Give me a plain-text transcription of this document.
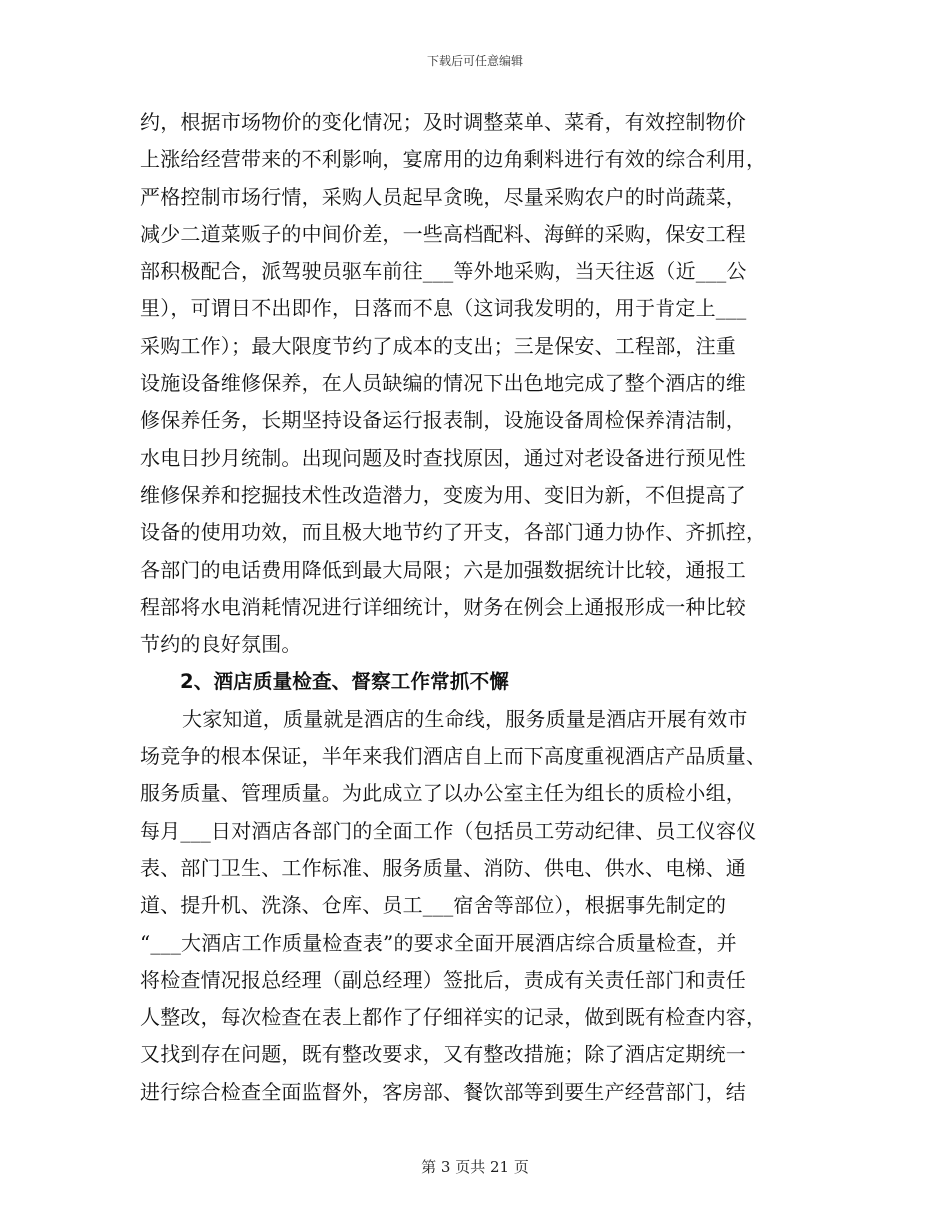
下载后可任意编辑
约，根据市场物价的变化情况；及时调整菜单、菜肴，有效控制物价
上涨给经营带来的不利影响，宴席用的边角剩料进行有效的综合利用，
严格控制市场行情，采购人员起早贪晚，尽量采购农户的时尚蔬菜，
减少二道菜贩子的中间价差，一些高档配料、海鲜的采购，保安工程
部积极配合，派驾驶员驱车前往___等外地采购，当天往返（近___公
里），可谓日不出即作，日落而不息（这词我发明的，用于肯定上___
采购工作）；最大限度节约了成本的支出；三是保安、工程部，注重
设施设备维修保养，在人员缺编的情况下出色地完成了整个酒店的维
修保养任务，长期坚持设备运行报表制，设施设备周检保养清洁制，
水电日抄月统制。出现问题及时查找原因，通过对老设备进行预见性
维修保养和挖掘技术性改造潜力，变废为用、变旧为新，不但提高了
设备的使用功效，而且极大地节约了开支，各部门通力协作、齐抓控，
各部门的电话费用降低到最大局限；六是加强数据统计比较，通报工
程部将水电消耗情况进行详细统计，财务在例会上通报形成一种比较
节约的良好氛围。
2、酒店质量检查、督察工作常抓不懈
大家知道，质量就是酒店的生命线，服务质量是酒店开展有效市
场竞争的根本保证，半年来我们酒店自上而下高度重视酒店产品质量、
服务质量、管理质量。为此成立了以办公室主任为组长的质检小组，
每月___日对酒店各部门的全面工作（包括员工劳动纪律、员工仪容仪
表、部门卫生、工作标准、服务质量、消防、供电、供水、电梯、通
道、提升机、洗涤、仓库、员工___宿舍等部位），根据事先制定的
“___大酒店工作质量检查表”的要求全面开展酒店综合质量检查，并
将检查情况报总经理（副总经理）签批后，责成有关责任部门和责任
人整改，每次检查在表上都作了仔细祥实的记录，做到既有检查内容，
又找到存在问题，既有整改要求，又有整改措施；除了酒店定期统一
进行综合检查全面监督外，客房部、餐饮部等到要生产经营部门，结
第 3 页共 21 页
